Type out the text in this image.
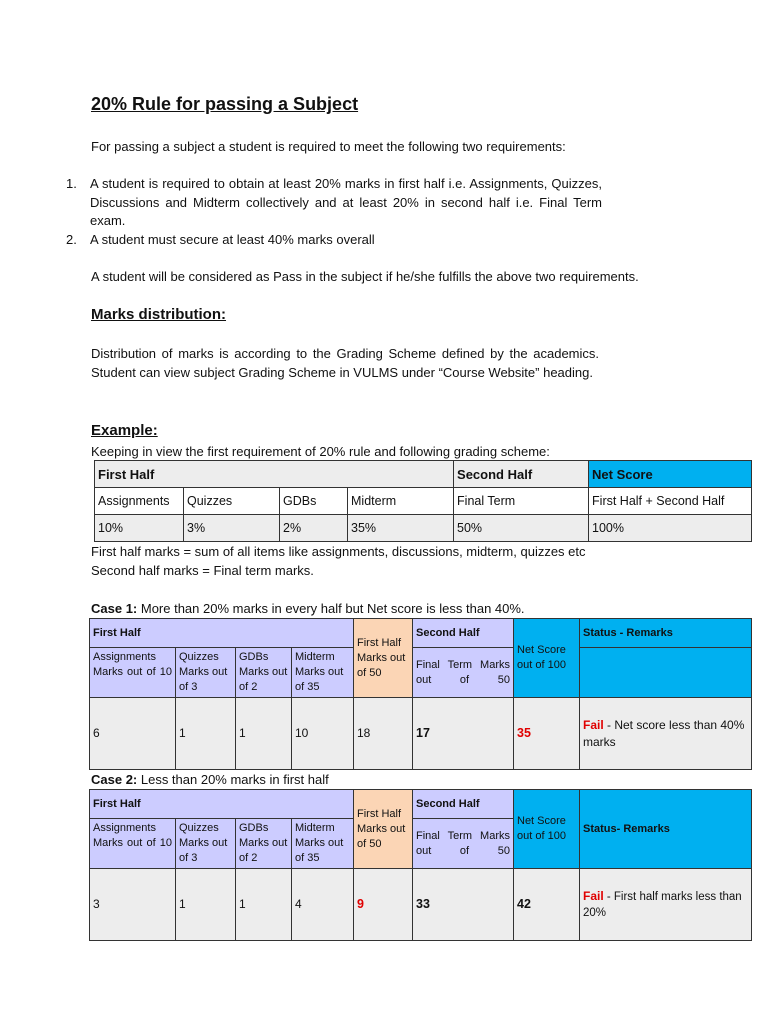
20% Rule for passing a Subject
For passing a subject a student is required to meet the following two requirements:
1.	A student is required to obtain at least 20% marks in first half i.e. Assignments, Quizzes, Discussions and Midterm collectively and at least 20% in second half i.e. Final Term exam.
2.	A student must secure at least 40% marks overall
A student will be considered as Pass in the subject if he/she fulfills the above two requirements.
Marks distribution:
Distribution of marks is according to the Grading Scheme defined by the academics. Student can view subject Grading Scheme in VULMS under “Course Website” heading.
Example:
Keeping in view the first requirement of 20% rule and following grading scheme:
First Half				Second Half	Net Score
Assignments	Quizzes	GDBs	Midterm	Final Term	First Half + Second Half
10%	3%	2%	35%	50%	100%
First half marks = sum of all items like assignments, discussions, midterm, quizzes etc
Second half marks = Final term marks.
Case 1: More than 20% marks in every half but Net score is less than 40%.
First Half				First Half Marks out of 50	Second Half	Net Score out of 100	Status - Remarks
Assignments Marks out of 10	Quizzes Marks out of 3	GDBs Marks out of 2	Midterm Marks out of 35		Final Term Marks out of 50		
6	1	1	10	18	17	35	Fail - Net score less than 40% marks
Case 2: Less than 20% marks in first half
First Half				First Half Marks out of 50	Second Half	Net Score out of 100	Status- Remarks
Assignments Marks out of 10	Quizzes Marks out of 3	GDBs Marks out of 2	Midterm Marks out of 35		Final Term Marks out of 50		
3	1	1	4	9	33	42	Fail - First half marks less than 20%
